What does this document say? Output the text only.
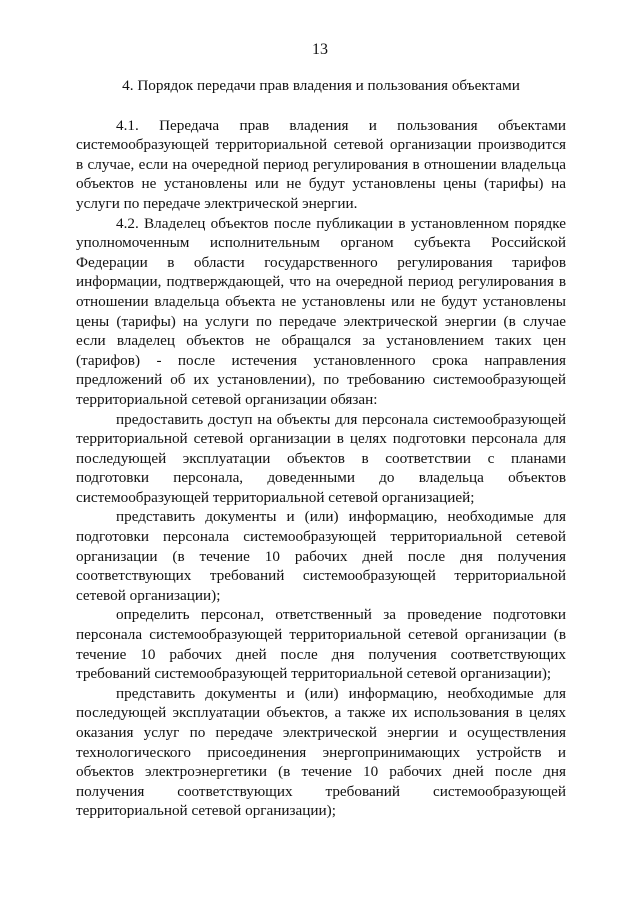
13

4. Порядок передачи прав владения и пользования объектами

4.1. Передача прав владения и пользования объектами системообразующей территориальной сетевой организации производится в случае, если на очередной период регулирования в отношении владельца объектов не установлены или не будут установлены цены (тарифы) на услуги по передаче электрической энергии.

4.2. Владелец объектов после публикации в установленном порядке уполномоченным исполнительным органом субъекта Российской Федерации в области государственного регулирования тарифов информации, подтверждающей, что на очередной период регулирования в отношении владельца объекта не установлены или не будут установлены цены (тарифы) на услуги по передаче электрической энергии (в случае если владелец объектов не обращался за установлением таких цен (тарифов) - после истечения установленного срока направления предложений об их установлении), по требованию системообразующей территориальной сетевой организации обязан:

предоставить доступ на объекты для персонала системообразующей территориальной сетевой организации в целях подготовки персонала для последующей эксплуатации объектов в соответствии с планами подготовки персонала, доведенными до владельца объектов системообразующей территориальной сетевой организацией;

представить документы и (или) информацию, необходимые для подготовки персонала системообразующей территориальной сетевой организации (в течение 10 рабочих дней после дня получения соответствующих требований системообразующей территориальной сетевой организации);

определить персонал, ответственный за проведение подготовки персонала системообразующей территориальной сетевой организации (в течение 10 рабочих дней после дня получения соответствующих требований системообразующей территориальной сетевой организации);

представить документы и (или) информацию, необходимые для последующей эксплуатации объектов, а также их использования в целях оказания услуг по передаче электрической энергии и осуществления технологического присоединения энергопринимающих устройств и объектов электроэнергетики (в течение 10 рабочих дней после дня получения соответствующих требований системообразующей территориальной сетевой организации);
